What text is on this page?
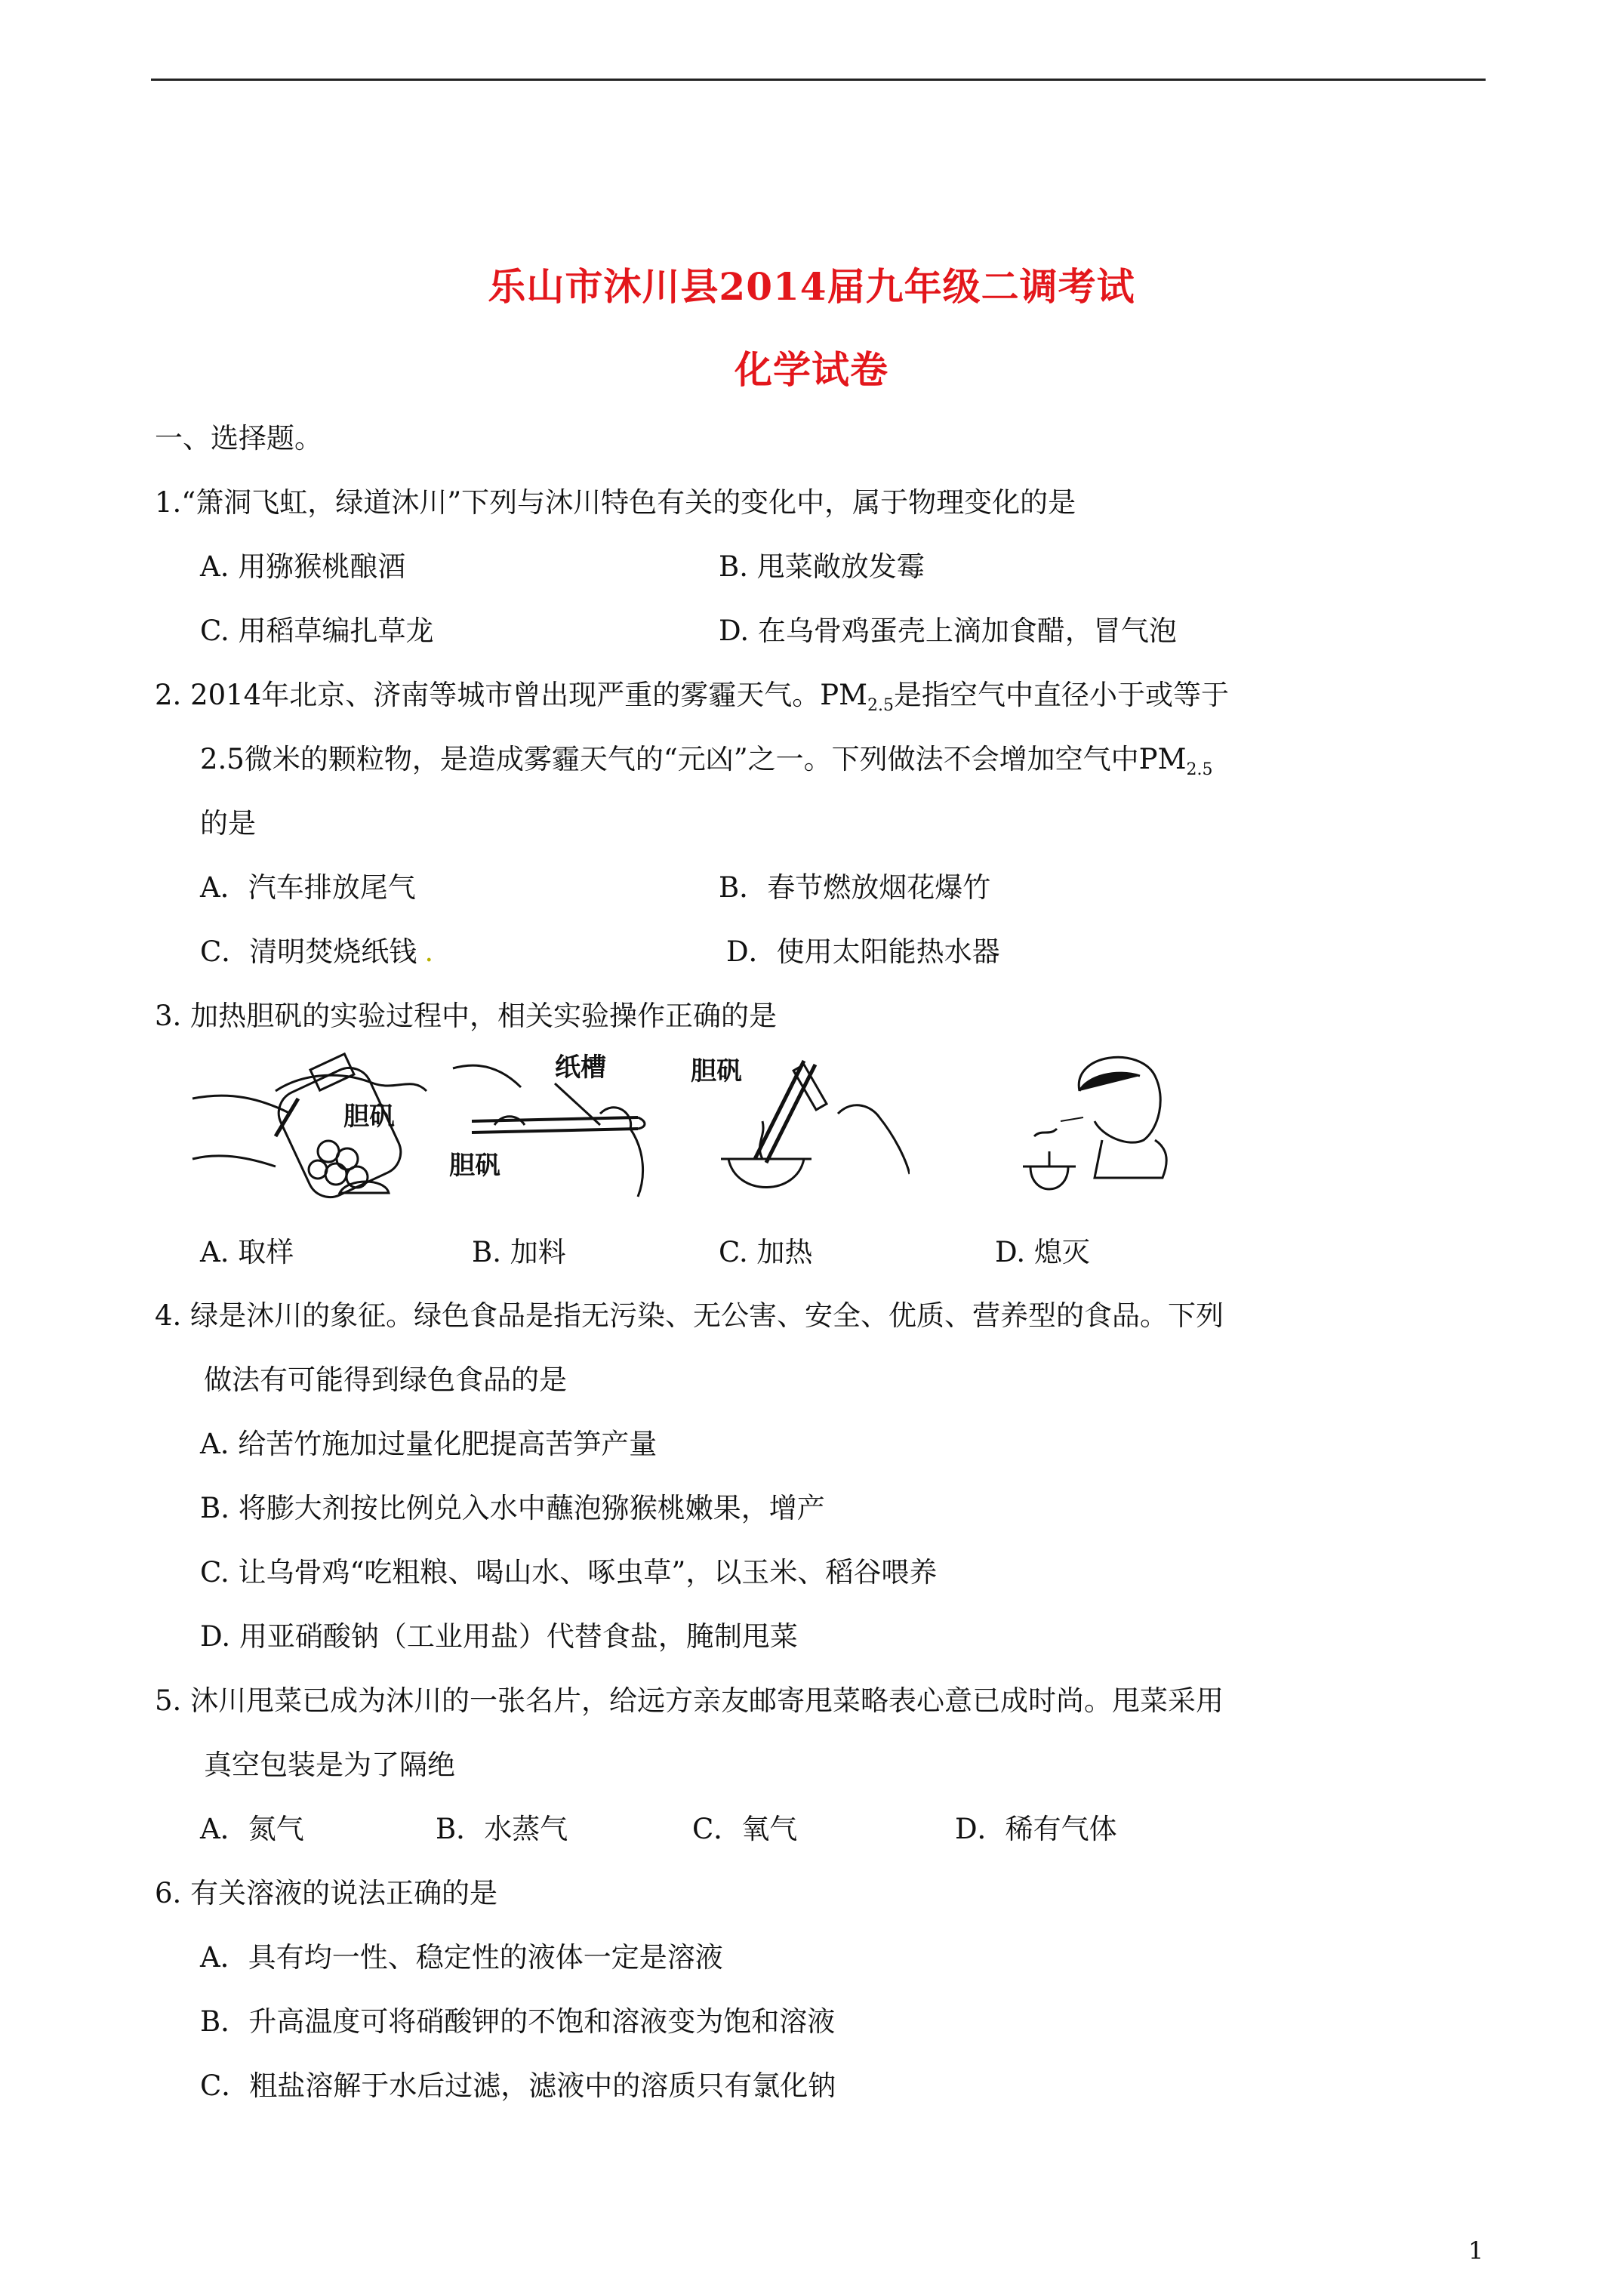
乐山市沐川县2014届九年级二调考试
化学试卷
一、选择题。
1.“箫洞飞虹，绿道沐川”下列与沐川特色有关的变化中，属于物理变化的是
A. 用猕猴桃酿酒	B. 甩菜敞放发霉
C. 用稻草编扎草龙	D. 在乌骨鸡蛋壳上滴加食醋，冒气泡
2. 2014年北京、济南等城市曾出现严重的雾霾天气。$PM_{2.5}$是指空气中直径小于或等于
2.5微米的颗粒物，是造成雾霾天气的“元凶”之一。下列做法不会增加空气中$PM_{2.5}$
的是
A．汽车排放尾气	B．春节燃放烟花爆竹
C．清明焚烧纸钱 .	D．使用太阳能热水器
3. 加热胆矾的实验过程中，相关实验操作正确的是
胆矾
纸槽
胆矾
胆矾
A. 取样	B. 加料	C. 加热	D. 熄灭
4. 绿是沐川的象征。绿色食品是指无污染、无公害、安全、优质、营养型的食品。下列
做法有可能得到绿色食品的是
A. 给苦竹施加过量化肥提高苦笋产量
B. 将膨大剂按比例兑入水中蘸泡猕猴桃嫩果，增产
C. 让乌骨鸡“吃粗粮、喝山水、啄虫草”，以玉米、稻谷喂养
D. 用亚硝酸钠（工业用盐）代替食盐，腌制甩菜
5. 沐川甩菜已成为沐川的一张名片，给远方亲友邮寄甩菜略表心意已成时尚。甩菜采用
真空包装是为了隔绝
A．氮气	B．水蒸气	C．氧气	D．稀有气体
6. 有关溶液的说法正确的是
A．具有均一性、稳定性的液体一定是溶液
B．升高温度可将硝酸钾的不饱和溶液变为饱和溶液
C．粗盐溶解于水后过滤，滤液中的溶质只有氯化钠
1
